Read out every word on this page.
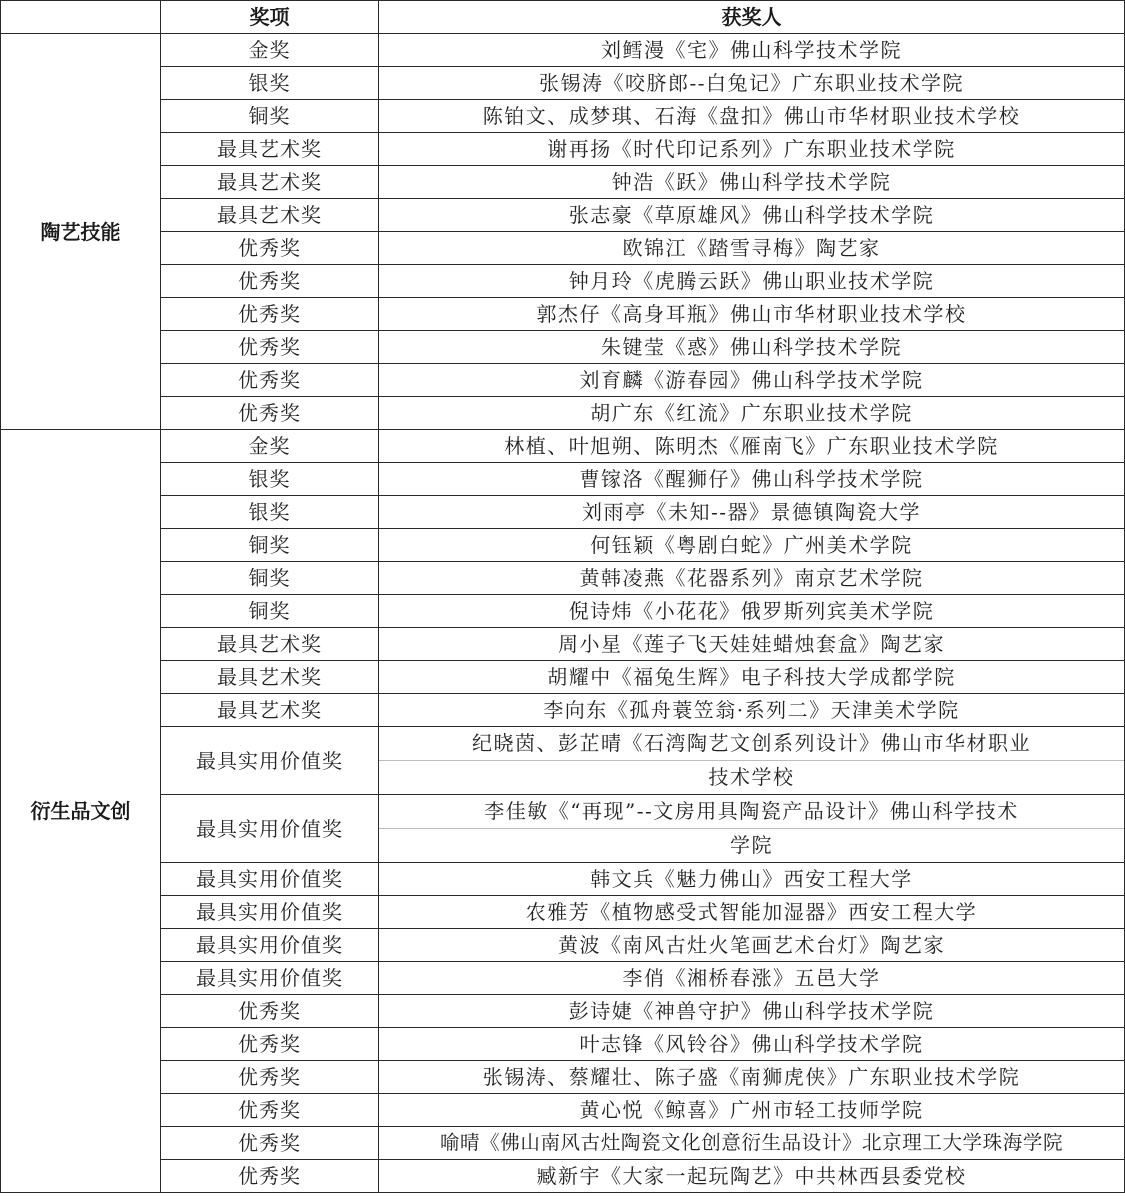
	奖项	获奖人
陶艺技能	金奖	刘鳕漫《宅》佛山科学技术学院
	银奖	张锡涛《咬脐郎--白兔记》广东职业技术学院
	铜奖	陈铂文、成梦琪、石海《盘扣》佛山市华材职业技术学校
	最具艺术奖	谢再扬《时代印记系列》广东职业技术学院
	最具艺术奖	钟浩《跃》佛山科学技术学院
	最具艺术奖	张志豪《草原雄风》佛山科学技术学院
	优秀奖	欧锦江《踏雪寻梅》陶艺家
	优秀奖	钟月玲《虎腾云跃》佛山职业技术学院
	优秀奖	郭杰仔《高身耳瓶》佛山市华材职业技术学校
	优秀奖	朱键莹《惑》佛山科学技术学院
	优秀奖	刘育麟《游春园》佛山科学技术学院
	优秀奖	胡广东《红流》广东职业技术学院
衍生品文创	金奖	林植、叶旭朔、陈明杰《雁南飞》广东职业技术学院
	银奖	曹镓洛《醒狮仔》佛山科学技术学院
	银奖	刘雨亭《未知--器》景德镇陶瓷大学
	铜奖	何钰颖《粤剧白蛇》广州美术学院
	铜奖	黄韩凌燕《花器系列》南京艺术学院
	铜奖	倪诗炜《小花花》俄罗斯列宾美术学院
	最具艺术奖	周小星《莲子飞天娃娃蜡烛套盒》陶艺家
	最具艺术奖	胡耀中《福兔生辉》电子科技大学成都学院
	最具艺术奖	李向东《孤舟蓑笠翁·系列二》天津美术学院
	最具实用价值奖	纪晓茵、彭芷晴《石湾陶艺文创系列设计》佛山市华材职业
技术学校

	最具实用价值奖	李佳敏《“再现”--文房用具陶瓷产品设计》佛山科学技术
学院

	最具实用价值奖	韩文兵《魅力佛山》西安工程大学
	最具实用价值奖	农雅芳《植物感受式智能加湿器》西安工程大学
	最具实用价值奖	黄波《南风古灶火笔画艺术台灯》陶艺家
	最具实用价值奖	李俏《湘桥春涨》五邑大学
	优秀奖	彭诗婕《神兽守护》佛山科学技术学院
	优秀奖	叶志锋《风铃谷》佛山科学技术学院
	优秀奖	张锡涛、蔡耀壮、陈子盛《南狮虎侠》广东职业技术学院
	优秀奖	黄心悦《鲸喜》广州市轻工技师学院
	优秀奖	喻晴《佛山南风古灶陶瓷文化创意衍生品设计》北京理工大学珠海学院
	优秀奖	臧新宇《大家一起玩陶艺》中共林西县委党校
